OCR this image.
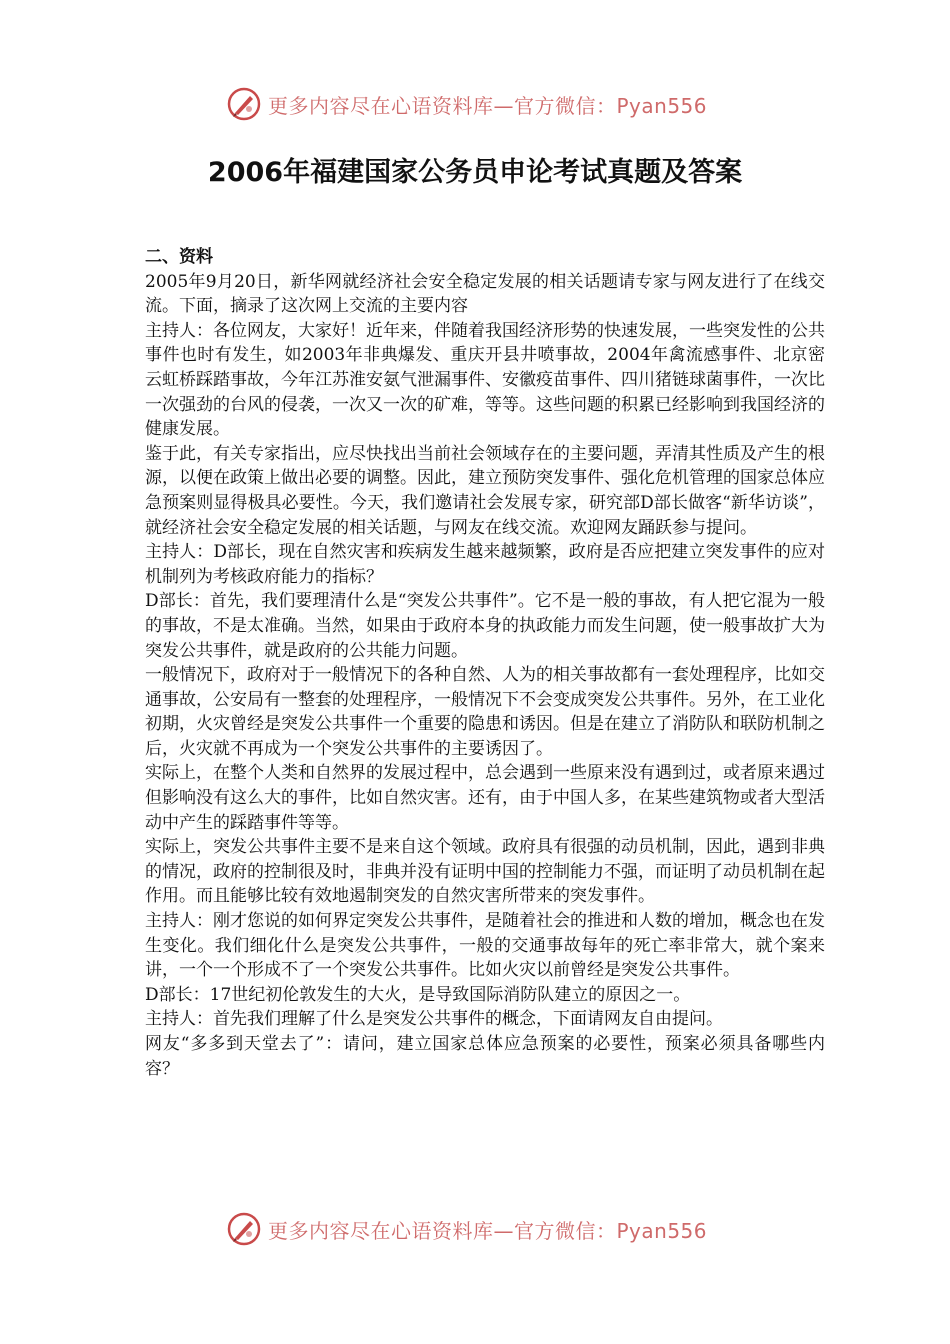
更多内容尽在心语资料库—官方微信：Pyan556
2006年福建国家公务员申论考试真题及答案

二、资料

2005年9月20日，新华网就经济社会安全稳定发展的相关话题请专家与网友进行了在线交流。下面，摘录了这次网上交流的主要内容

主持人：各位网友，大家好！近年来，伴随着我国经济形势的快速发展，一些突发性的公共事件也时有发生，如2003年非典爆发、重庆开县井喷事故，2004年禽流感事件、北京密云虹桥踩踏事故，今年江苏淮安氨气泄漏事件、安徽疫苗事件、四川猪链球菌事件，一次比一次强劲的台风的侵袭，一次又一次的矿难，等等。这些问题的积累已经影响到我国经济的健康发展。

鉴于此，有关专家指出，应尽快找出当前社会领域存在的主要问题，弄清其性质及产生的根源，以便在政策上做出必要的调整。因此，建立预防突发事件、强化危机管理的国家总体应急预案则显得极具必要性。今天，我们邀请社会发展专家，研究部D部长做客“新华访谈”，就经济社会安全稳定发展的相关话题，与网友在线交流。欢迎网友踊跃参与提问。

主持人：D部长，现在自然灾害和疾病发生越来越频繁，政府是否应把建立突发事件的应对机制列为考核政府能力的指标？

D部长：首先，我们要理清什么是“突发公共事件”。它不是一般的事故，有人把它混为一般的事故，不是太准确。当然，如果由于政府本身的执政能力而发生问题，使一般事故扩大为突发公共事件，就是政府的公共能力问题。

一般情况下，政府对于一般情况下的各种自然、人为的相关事故都有一套处理程序，比如交通事故，公安局有一整套的处理程序，一般情况下不会变成突发公共事件。另外，在工业化初期，火灾曾经是突发公共事件一个重要的隐患和诱因。但是在建立了消防队和联防机制之后，火灾就不再成为一个突发公共事件的主要诱因了。

实际上，在整个人类和自然界的发展过程中，总会遇到一些原来没有遇到过，或者原来遇过但影响没有这么大的事件，比如自然灾害。还有，由于中国人多，在某些建筑物或者大型活动中产生的踩踏事件等等。

实际上，突发公共事件主要不是来自这个领域。政府具有很强的动员机制，因此，遇到非典的情况，政府的控制很及时，非典并没有证明中国的控制能力不强，而证明了动员机制在起作用。而且能够比较有效地遏制突发的自然灾害所带来的突发事件。

主持人：刚才您说的如何界定突发公共事件，是随着社会的推进和人数的增加，概念也在发生变化。我们细化什么是突发公共事件，一般的交通事故每年的死亡率非常大，就个案来讲，一个一个形成不了一个突发公共事件。比如火灾以前曾经是突发公共事件。

D部长：17世纪初伦敦发生的大火，是导致国际消防队建立的原因之一。

主持人：首先我们理解了什么是突发公共事件的概念，下面请网友自由提问。

网友“多多到天堂去了”：请问，建立国家总体应急预案的必要性，预案必须具备哪些内容？

更多内容尽在心语资料库—官方微信：Pyan556
